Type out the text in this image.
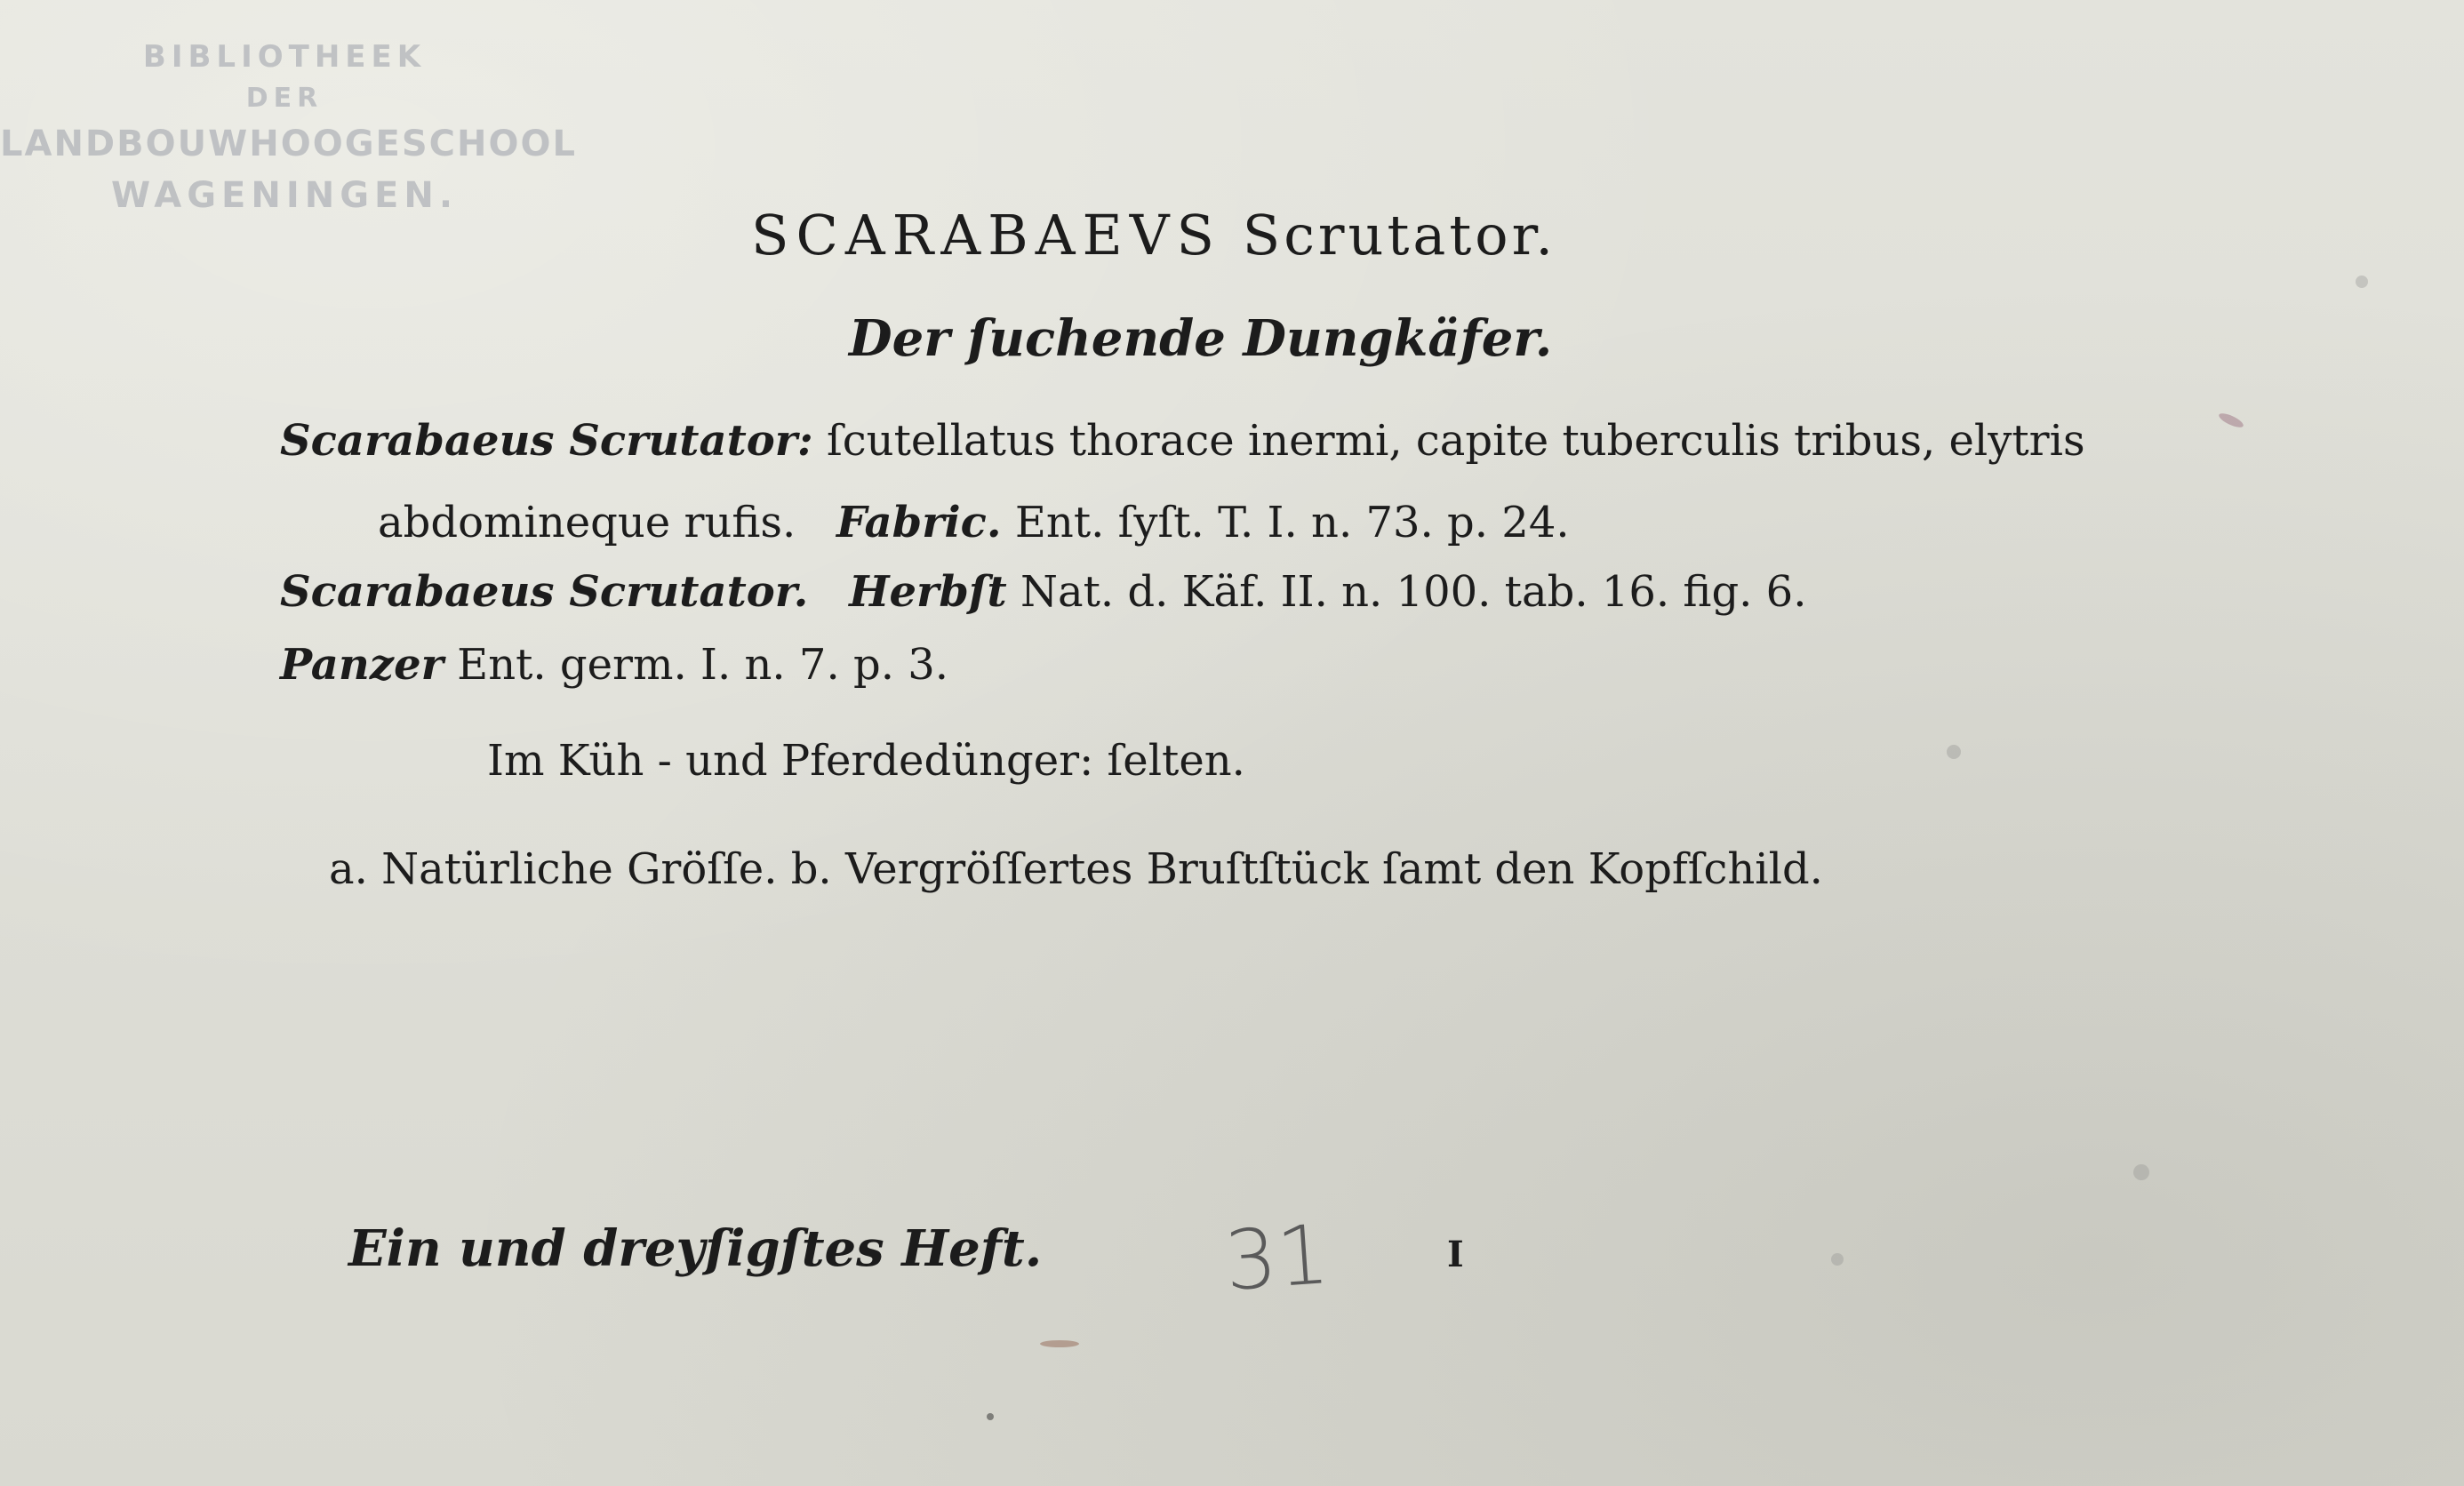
BIBLIOTHEEK
DER
LANDBOUWHOOGESCHOOL
WAGENINGEN.
SCARABAEVS Scrutator.
Der ſuchende Dungkäfer.
Scarabaeus Scrutator: ſcutellatus thorace inermi, capite tuberculis tribus, elytris
abdomineque rufis. Fabric. Ent. ſyſt. T. I. n. 73. p. 24.
Scarabaeus Scrutator. Herbſt Nat. d. Käf. II. n. 100. tab. 16. fig. 6.
Panzer Ent. germ. I. n. 7. p. 3.
Im Küh - und Pferdedünger: ſelten.
a. Natürliche Gröſſe. b. Vergröſſertes Bruſtſtück ſamt den Kopfſchild.
Ein und dreyſigſtes Heft. 31	I
